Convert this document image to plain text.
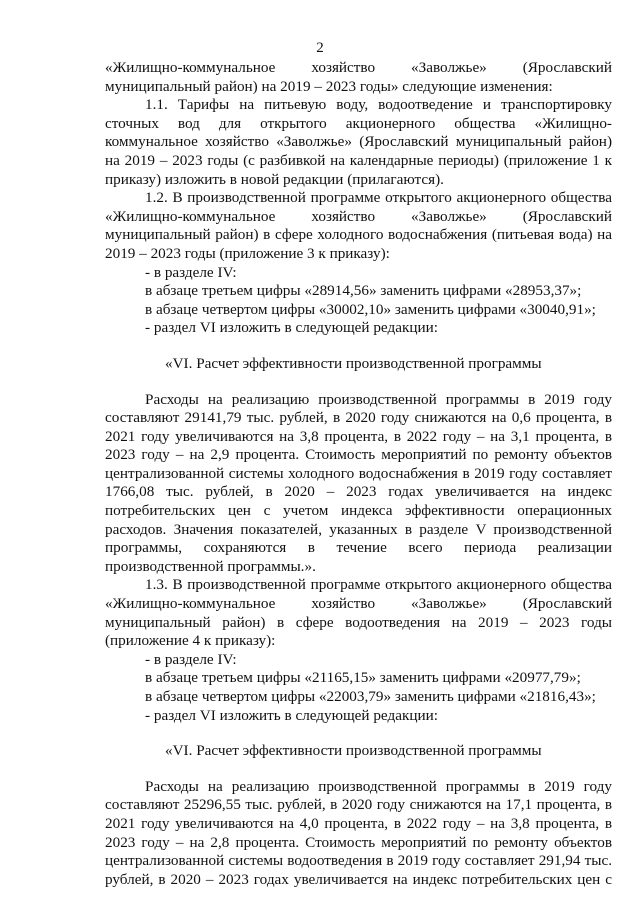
2
«Жилищно-коммунальное хозяйство «Заволжье» (Ярославский
муниципальный район) на 2019 – 2023 годы» следующие изменения:
1.1. Тарифы на питьевую воду, водоотведение и транспортировку
сточных вод для открытого акционерного общества «Жилищно-
коммунальное хозяйство «Заволжье» (Ярославский муниципальный район)
на 2019 – 2023 годы (с разбивкой на календарные периоды) (приложение 1 к
приказу) изложить в новой редакции (прилагаются).
1.2. В производственной программе открытого акционерного общества
«Жилищно-коммунальное хозяйство «Заволжье» (Ярославский
муниципальный район) в сфере холодного водоснабжения (питьевая вода) на
2019 – 2023 годы (приложение 3 к приказу):
- в разделе IV:
в абзаце третьем цифры «28914,56» заменить цифрами «28953,37»;
в абзаце четвертом цифры «30002,10» заменить цифрами «30040,91»;
- раздел VI изложить в следующей редакции:
«VI. Расчет эффективности производственной программы
Расходы на реализацию производственной программы в 2019 году
составляют 29141,79 тыс. рублей, в 2020 году снижаются на 0,6 процента, в
2021 году увеличиваются на 3,8 процента, в 2022 году – на 3,1 процента, в
2023 году – на 2,9 процента. Стоимость мероприятий по ремонту объектов
централизованной системы холодного водоснабжения в 2019 году составляет
1766,08 тыс. рублей, в 2020 – 2023 годах увеличивается на индекс
потребительских цен с учетом индекса эффективности операционных
расходов. Значения показателей, указанных в разделе V производственной
программы, сохраняются в течение всего периода реализации
производственной программы.».
1.3. В производственной программе открытого акционерного общества
«Жилищно-коммунальное хозяйство «Заволжье» (Ярославский
муниципальный район) в сфере водоотведения на 2019 – 2023 годы
(приложение 4 к приказу):
- в разделе IV:
в абзаце третьем цифры «21165,15» заменить цифрами «20977,79»;
в абзаце четвертом цифры «22003,79» заменить цифрами «21816,43»;
- раздел VI изложить в следующей редакции:
«VI. Расчет эффективности производственной программы
Расходы на реализацию производственной программы в 2019 году
составляют 25296,55 тыс. рублей, в 2020 году снижаются на 17,1 процента, в
2021 году увеличиваются на 4,0 процента, в 2022 году – на 3,8 процента, в
2023 году – на 2,8 процента. Стоимость мероприятий по ремонту объектов
централизованной системы водоотведения в 2019 году составляет 291,94 тыс.
рублей, в 2020 – 2023 годах увеличивается на индекс потребительских цен с
